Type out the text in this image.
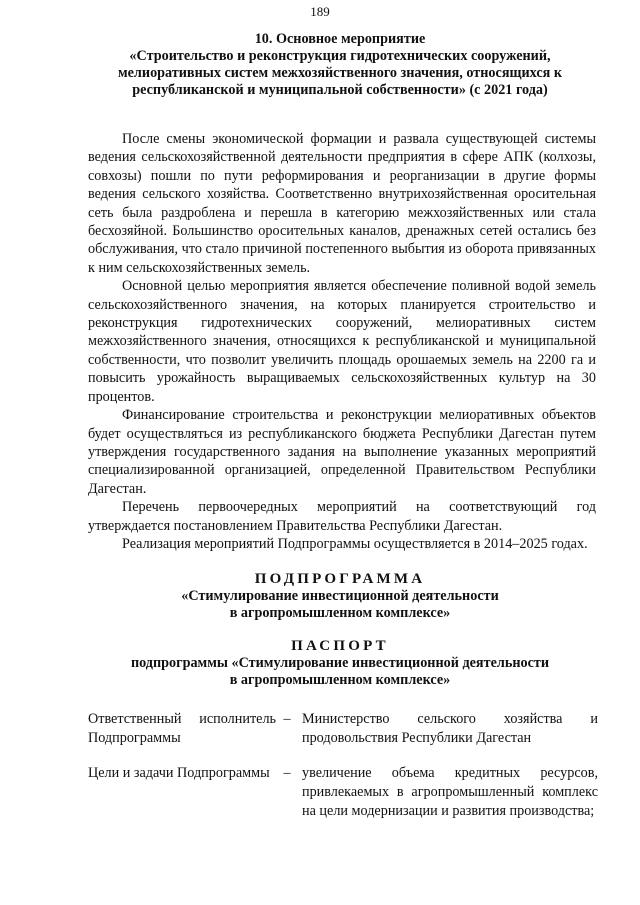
189
10. Основное мероприятие
«Строительство и реконструкция гидротехнических сооружений,
мелиоративных систем межхозяйственного значения, относящихся к
республиканской и муниципальной собственности» (с 2021 года)

После смены экономической формации и развала существующей системы ведения сельскохозяйственной деятельности предприятия в сфере АПК (колхозы, совхозы) пошли по пути реформирования и реорганизации в другие формы ведения сельского хозяйства. Соответственно внутрихозяйственная оросительная сеть была раздроблена и перешла в категорию межхозяйственных или стала бесхозяйной. Большинство оросительных каналов, дренажных сетей остались без обслуживания, что стало причиной постепенного выбытия из оборота привязанных к ним сельскохозяйственных земель.

Основной целью мероприятия является обеспечение поливной водой земель сельскохозяйственного значения, на которых планируется строительство и реконструкция гидротехнических сооружений, мелиоративных систем межхозяйственного значения, относящихся к республиканской и муниципальной собственности, что позволит увеличить площадь орошаемых земель на 2200 га и повысить урожайность выращиваемых сельскохозяйственных культур на 30 процентов.

Финансирование строительства и реконструкции мелиоративных объектов будет осуществляться из республиканского бюджета Республики Дагестан путем утверждения государственного задания на выполнение указанных мероприятий специализированной организацией, определенной Правительством Республики Дагестан.

Перечень первоочередных мероприятий на соответствующий год утверждается постановлением Правительства Республики Дагестан.

Реализация мероприятий Подпрограммы осуществляется в 2014–2025 годах.

ПОДПРОГРАММА
«Стимулирование инвестиционной деятельности
в агропромышленном комплексе»
ПАСПОРТ
подпрограммы «Стимулирование инвестиционной деятельности
в агропромышленном комплексе»
Ответственный исполнитель Подпрограммы
– Министерство сельского хозяйства и продовольствия Республики Дагестан
Цели и задачи Подпрограммы – увеличение объема кредитных ресурсов, привлекаемых в агропромышленный комплекс на цели модернизации и развития производства;
